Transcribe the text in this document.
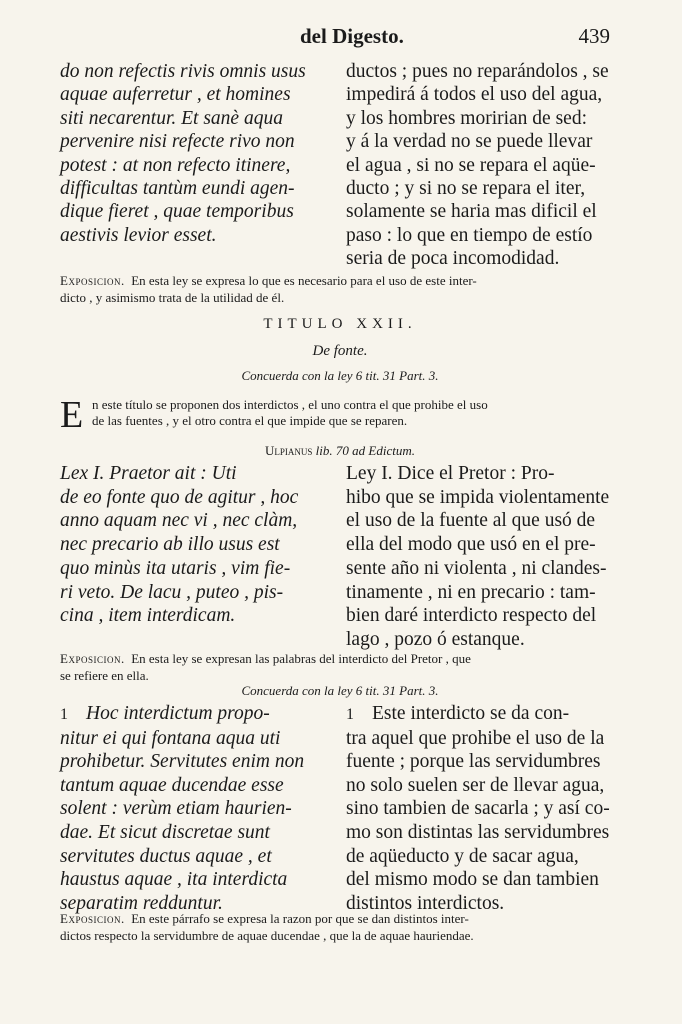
del Digesto.	439
do non refectis rivis omnis usus
aquae auferretur , et homines
siti necarentur. Et sanè aqua
pervenire nisi refecte rivo non
potest : at non refecto itinere,
difficultas tantùm eundi agen-
dique fieret , quae temporibus
aestivis levior esset.
ductos ; pues no reparándolos , se
impedirá á todos el uso del agua,
y los hombres moririan de sed:
y á la verdad no se puede llevar
el agua , si no se repara el aqüe-
ducto ; y si no se repara el iter,
solamente se haria mas dificil el
paso : lo que en tiempo de estío
seria de poca incomodidad.
Exposicion. En esta ley se expresa lo que es necesario para el uso de este inter-
dicto , y asimismo trata de la utilidad de él.
TITULO XXII.
De fonte.
Concuerda con la ley 6 tit. 31 Part. 3.
E n este título se proponen dos interdictos , el uno contra el que prohibe el uso
de las fuentes , y el otro contra el que impide que se reparen.
Ulpianus lib. 70 ad Edictum.
Lex I. Praetor ait : Uti
de eo fonte quo de agitur , hoc
anno aquam nec vi , nec clàm,
nec precario ab illo usus est
quo minùs ita utaris , vim fie-
ri veto. De lacu , puteo , pis-
cina , item interdicam.
Ley I. Dice el Pretor : Pro-
hibo que se impida violentamente
el uso de la fuente al que usó de
ella del modo que usó en el pre-
sente año ni violenta , ni clandes-
tinamente , ni en precario : tam-
bien daré interdicto respecto del
lago , pozo ó estanque.
Exposicion. En esta ley se expresan las palabras del interdicto del Pretor , que
se refiere en ella.
Concuerda con la ley 6 tit. 31 Part. 3.
1 Hoc interdictum propo-
nitur ei qui fontana aqua uti
prohibetur. Servitutes enim non
tantum aquae ducendae esse
solent : verùm etiam haurien-
dae. Et sicut discretae sunt
servitutes ductus aquae , et
haustus aquae , ita interdicta
separatim redduntur.
1 Este interdicto se da con-
tra aquel que prohibe el uso de la
fuente ; porque las servidumbres
no solo suelen ser de llevar agua,
sino tambien de sacarla ; y así co-
mo son distintas las servidumbres
de aqüeducto y de sacar agua,
del mismo modo se dan tambien
distintos interdictos.
Exposicion. En este párrafo se expresa la razon por que se dan distintos inter-
dictos respecto la servidumbre de aquae ducendae , que la de aquae hauriendae.
